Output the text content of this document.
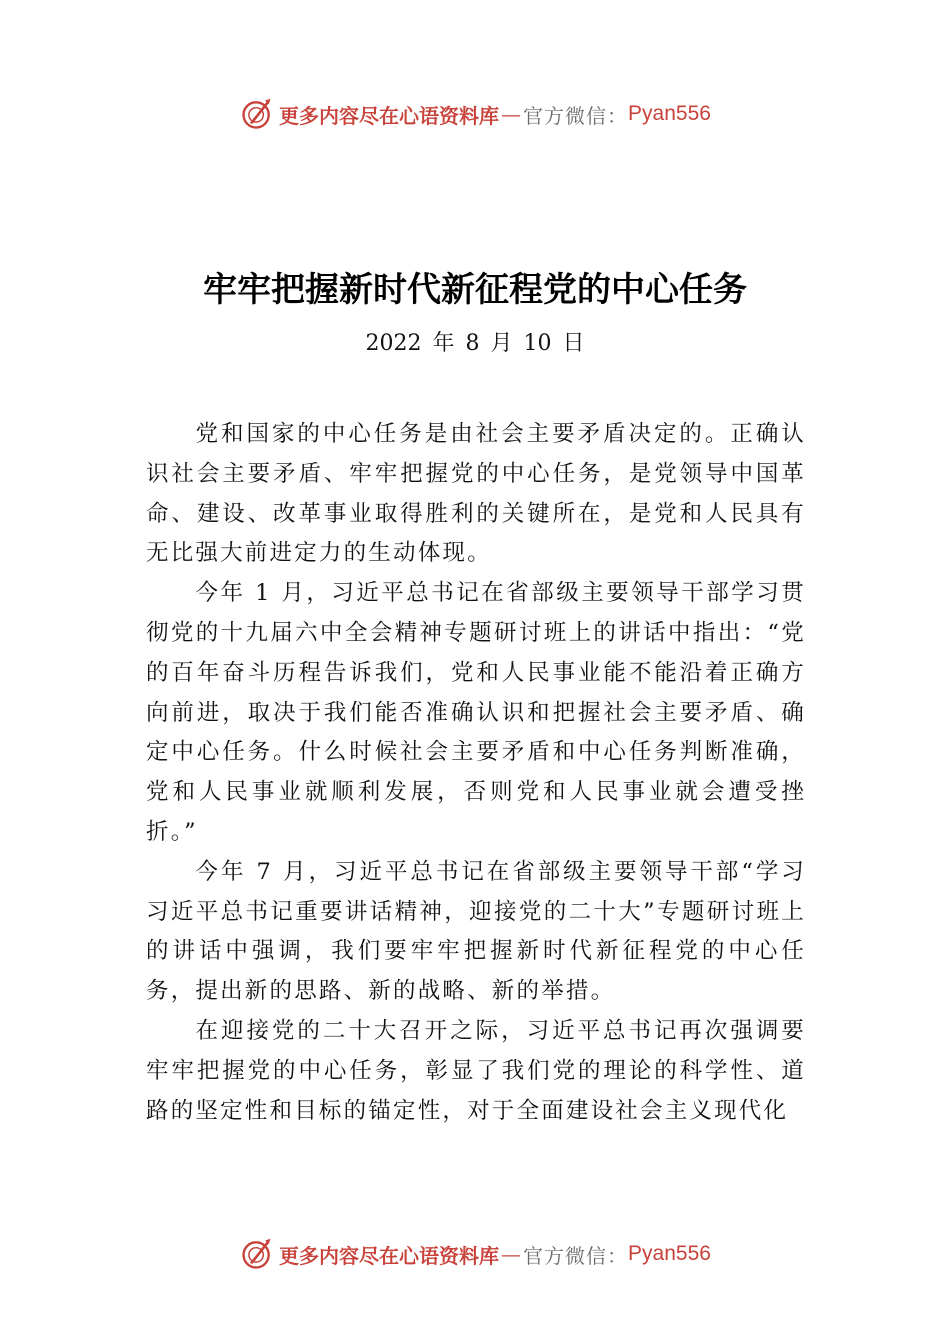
更多内容尽在心语资料库 — 官方微信： Pyan556
牢牢把握新时代新征程党的中心任务
2022 年 8 月 10 日

党和国家的中心任务是由社会主要矛盾决定的。正确认识社会主要矛盾、牢牢把握党的中心任务，是党领导中国革命、建设、改革事业取得胜利的关键所在，是党和人民具有无比强大前进定力的生动体现。

今年 1 月，习近平总书记在省部级主要领导干部学习贯彻党的十九届六中全会精神专题研讨班上的讲话中指出：“党的百年奋斗历程告诉我们，党和人民事业能不能沿着正确方向前进，取决于我们能否准确认识和把握社会主要矛盾、确定中心任务。什么时候社会主要矛盾和中心任务判断准确，党和人民事业就顺利发展，否则党和人民事业就会遭受挫折。”

今年 7 月，习近平总书记在省部级主要领导干部“学习习近平总书记重要讲话精神，迎接党的二十大”专题研讨班上的讲话中强调，我们要牢牢把握新时代新征程党的中心任务，提出新的思路、新的战略、新的举措。

在迎接党的二十大召开之际，习近平总书记再次强调要牢牢把握党的中心任务，彰显了我们党的理论的科学性、道路的坚定性和目标的锚定性，对于全面建设社会主义现代化

更多内容尽在心语资料库 — 官方微信： Pyan556
